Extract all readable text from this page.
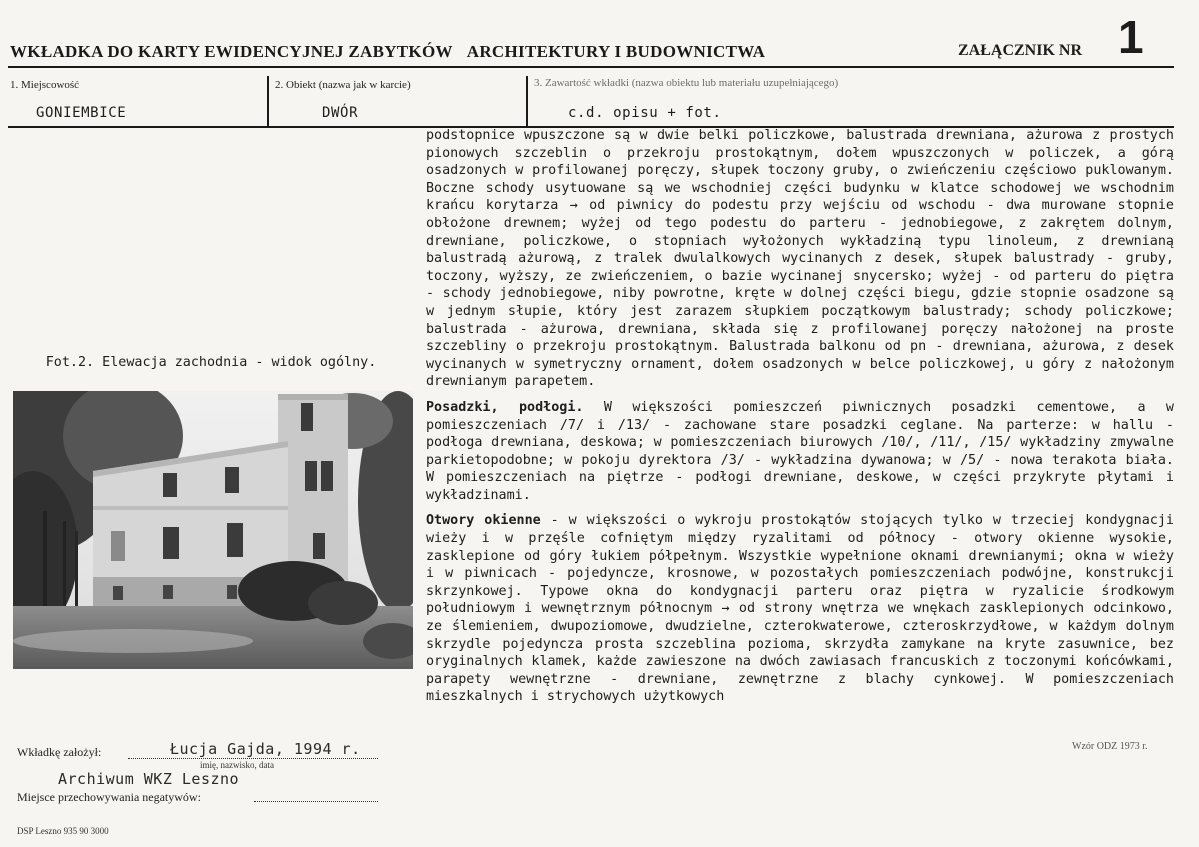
WKŁADKA DO KARTY EWIDENCYJNEJ ZABYTKÓW ARCHITEKTURY I BUDOWNICTWA	ZAŁĄCZNIK NR 1
1. Miejscowość	2. Obiekt (nazwa jak w karcie)	3. Zawartość wkładki (nazwa obiektu lub materiału uzupełniającego)
GONIEMBICE	DWÓR	c.d. opisu + fot.
Fot.2. Elewacja zachodnia - widok ogólny.

podstopnice wpuszczone są w dwie belki policzkowe, balustrada drewniana, ażurowa z prostych pionowych szczeblin o przekroju prostokątnym, dołem wpuszczonych w policzek, a górą osadzonych w profilowanej poręczy, słupek toczony gruby, o zwieńczeniu częściowo puklowanym. Boczne schody usytuowane są we wschodniej części budynku w klatce schodowej we wschodnim krańcu korytarza → od piwnicy do podestu przy wejściu od wschodu - dwa murowane stopnie obłożone drewnem; wyżej od tego podestu do parteru - jednobiegowe, z zakrętem dolnym, drewniane, policzkowe, o stopniach wyłożonych wykładziną typu linoleum, z drewnianą balustradą ażurową, z tralek dwulalkowych wycinanych z desek, słupek balustrady - gruby, toczony, wyższy, ze zwieńczeniem, o bazie wycinanej snycersko; wyżej - od parteru do piętra - schody jednobiegowe, niby powrotne, kręte w dolnej części biegu, gdzie stopnie osadzone są w jednym słupie, który jest zarazem słupkiem początkowym balustrady; schody policzkowe; balustrada - ażurowa, drewniana, składa się z profilowanej poręczy nałożonej na proste szczebliny o przekroju prostokątnym. Balustrada balkonu od pn - drewniana, ażurowa, z desek wycinanych w symetryczny ornament, dołem osadzonych w belce policzkowej, u góry z nałożonym drewnianym parapetem.

Posadzki, podłogi. W większości pomieszczeń piwnicznych posadzki cementowe, a w pomieszczeniach /7/ i /13/ - zachowane stare posadzki ceglane. Na parterze: w hallu - podłoga drewniana, deskowa; w pomieszczeniach biurowych /10/, /11/, /15/ wykładziny zmywalne parkietopodobne; w pokoju dyrektora /3/ - wykładzina dywanowa; w /5/ - nowa terakota biała. W pomieszczeniach na piętrze - podłogi drewniane, deskowe, w części przykryte płytami i wykładzinami.

Otwory okienne - w większości o wykroju prostokątów stojących tylko w trzeciej kondygnacji wieży i w przęśle cofniętym między ryzalitami od północy - otwory okienne wysokie, zasklepione od góry łukiem półpełnym. Wszystkie wypełnione oknami drewnianymi; okna w wieży i w piwnicach - pojedyncze, krosnowe, w pozostałych pomieszczeniach podwójne, konstrukcji skrzynkowej. Typowe okna do kondygnacji parteru oraz piętra w ryzalicie środkowym południowym i wewnętrznym północnym → od strony wnętrza we wnękach zasklepionych odcinkowo, ze ślemieniem, dwupoziomowe, dwudzielne, czterokwaterowe, czteroskrzydłowe, w każdym dolnym skrzydle pojedyncza prosta szczeblina pozioma, skrzydła zamykane na kryte zasuwnice, bez oryginalnych klamek, każde zawieszone na dwóch zawiasach francuskich z toczonymi końcówkami, parapety wewnętrzne - drewniane, zewnętrzne z blachy cynkowej. W pomieszczeniach mieszkalnych i strychowych użytkowych

Wkładkę założył:	Łucja Gajda, 1994 r.
imię, nazwisko, data
Archiwum WKZ Leszno
Miejsce przechowywania negatywów:
DSP Leszno 935 90 3000
Wzór ODZ 1973 r.
